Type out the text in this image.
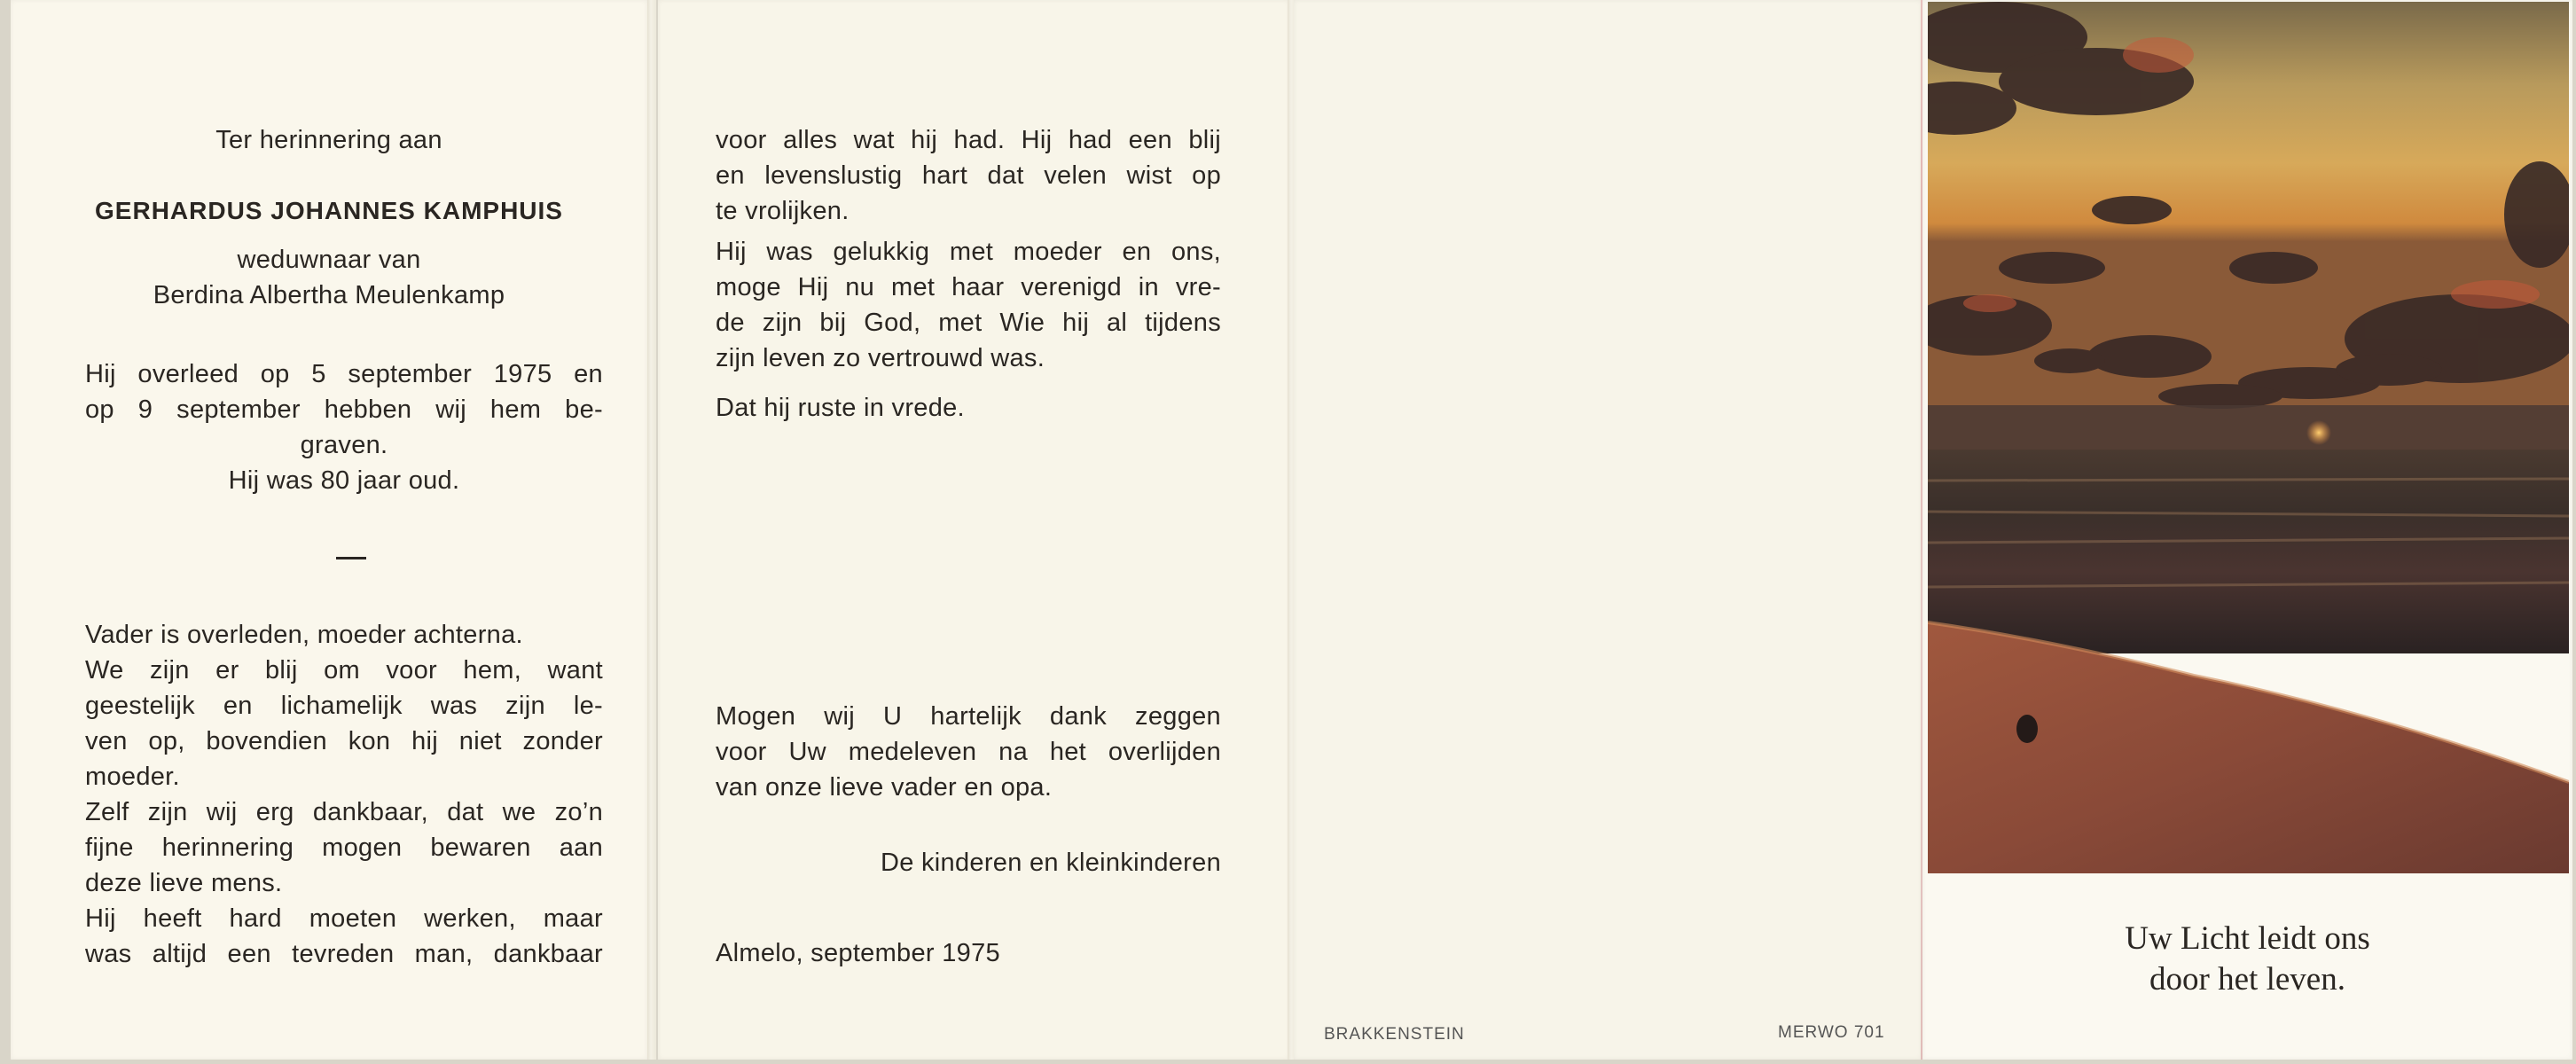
Ter herinnering aan
GERHARDUS JOHANNES KAMPHUIS
weduwnaar van
Berdina Albertha Meulenkamp
Hij overleed op 5 september 1975 en
op 9 september hebben wij hem be-
graven.
Hij was 80 jaar oud.
Vader is overleden, moeder achterna.
We zijn er blij om voor hem, want
geestelijk en lichamelijk was zijn le-
ven op, bovendien kon hij niet zonder
moeder.
Zelf zijn wij erg dankbaar, dat we zo’n
fijne herinnering mogen bewaren aan
deze lieve mens.
Hij heeft hard moeten werken, maar
was altijd een tevreden man, dankbaar
voor alles wat hij had. Hij had een blij
en levenslustig hart dat velen wist op
te vrolijken.
Hij was gelukkig met moeder en ons,
moge Hij nu met haar verenigd in vre-
de zijn bij God, met Wie hij al tijdens
zijn leven zo vertrouwd was.
Dat hij ruste in vrede.
Mogen wij U hartelijk dank zeggen
voor Uw medeleven na het overlijden
van onze lieve vader en opa.
De kinderen en kleinkinderen
Almelo, september 1975
BRAKKENSTEIN	MERWO 701
Uw Licht leidt ons
door het leven.
